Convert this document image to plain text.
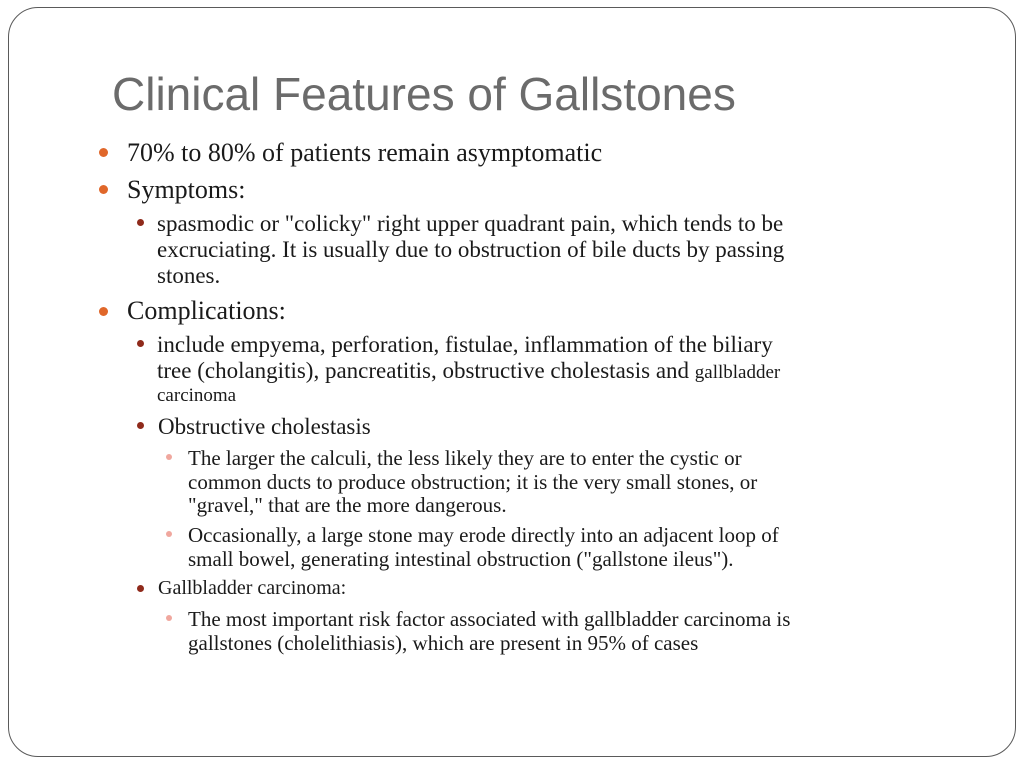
Clinical Features of Gallstones
70% to 80% of patients remain asymptomatic
Symptoms:
spasmodic or "colicky" right upper quadrant pain, which tends to be
excruciating. It is usually due to obstruction of bile ducts by passing
stones.
Complications:
include empyema, perforation, fistulae, inflammation of the biliary
tree (cholangitis), pancreatitis, obstructive cholestasis and gallbladder
carcinoma
Obstructive cholestasis
The larger the calculi, the less likely they are to enter the cystic or
common ducts to produce obstruction; it is the very small stones, or
"gravel," that are the more dangerous.
Occasionally, a large stone may erode directly into an adjacent loop of
small bowel, generating intestinal obstruction ("gallstone ileus").
Gallbladder carcinoma:
The most important risk factor associated with gallbladder carcinoma is
gallstones (cholelithiasis), which are present in 95% of cases
